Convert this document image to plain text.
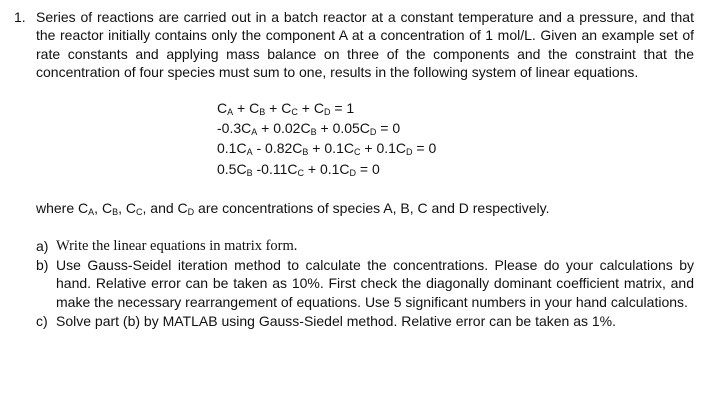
1. Series of reactions are carried out in a batch reactor at a constant temperature and a pressure, and that the reactor initially contains only the component A at a concentration of 1 mol/L. Given an example set of rate constants and applying mass balance on three of the components and the constraint that the concentration of four species must sum to one, results in the following system of linear equations.
$C_A + C_B + C_C + C_D = 1$
$-0.3C_A + 0.02C_B + 0.05C_D = 0$
$0.1C_A - 0.82C_B + 0.1C_C + 0.1C_D = 0$
$0.5C_B$ $-0.11C_C + 0.1C_D = 0$
where $C_A$, $C_B$, $C_C$, and $C_D$ are concentrations of species A, B, C and D respectively.
a) Write the linear equations in matrix form.
b) Use Gauss-Seidel iteration method to calculate the concentrations. Please do your calculations by hand. Relative error can be taken as 10%. First check the diagonally dominant coefficient matrix, and make the necessary rearrangement of equations. Use 5 significant numbers in your hand calculations.
c) Solve part (b) by MATLAB using Gauss-Siedel method. Relative error can be taken as 1%.
